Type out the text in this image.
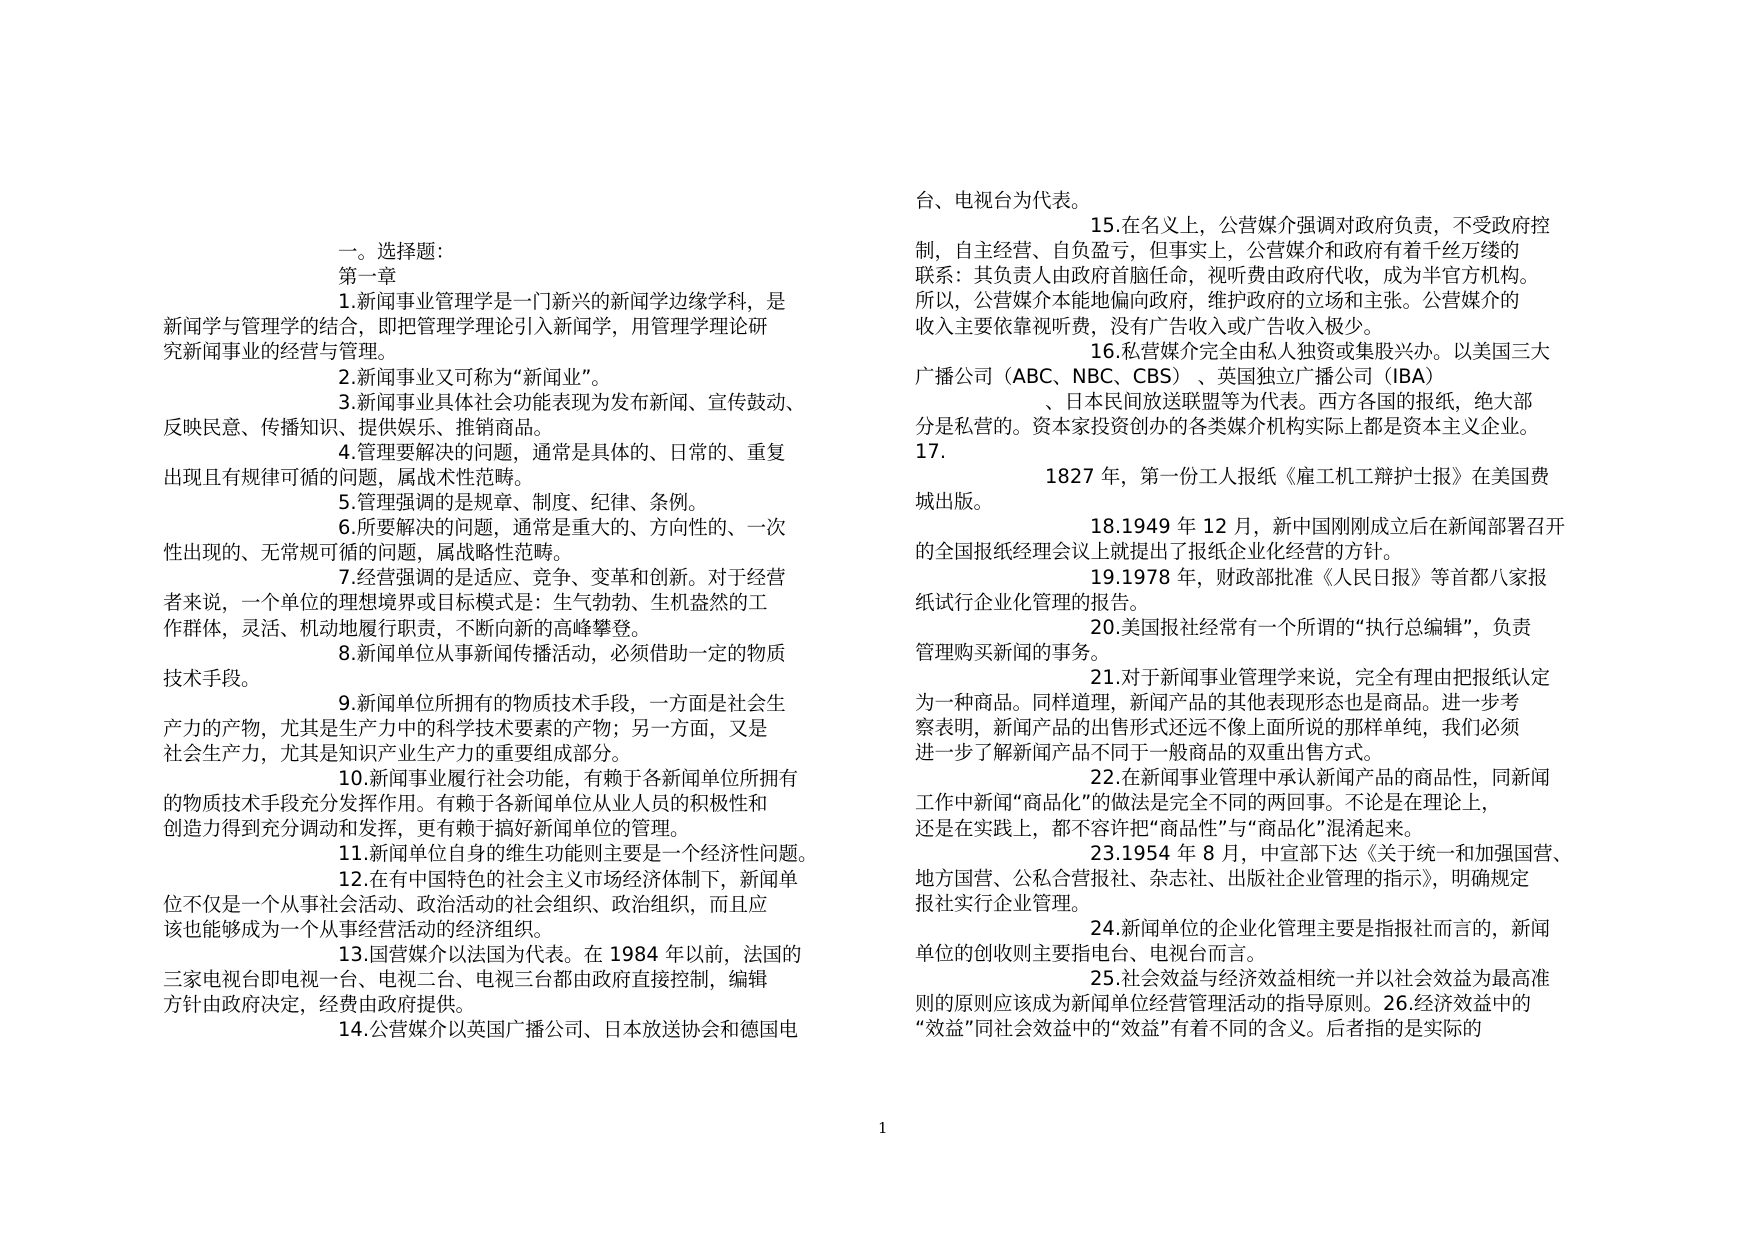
一。选择题：
第一章
1.新闻事业管理学是一门新兴的新闻学边缘学科，是
新闻学与管理学的结合，即把管理学理论引入新闻学，用管理学理论研
究新闻事业的经营与管理。
2.新闻事业又可称为“新闻业”。
3.新闻事业具体社会功能表现为发布新闻、宣传鼓动、
反映民意、传播知识、提供娱乐、推销商品。
4.管理要解决的问题，通常是具体的、日常的、重复
出现且有规律可循的问题，属战术性范畴。
5.管理强调的是规章、制度、纪律、条例。
6.所要解决的问题，通常是重大的、方向性的、一次
性出现的、无常规可循的问题，属战略性范畴。
7.经营强调的是适应、竞争、变革和创新。对于经营
者来说，一个单位的理想境界或目标模式是：生气勃勃、生机盎然的工
作群体，灵活、机动地履行职责，不断向新的高峰攀登。
8.新闻单位从事新闻传播活动，必须借助一定的物质
技术手段。
9.新闻单位所拥有的物质技术手段，一方面是社会生
产力的产物，尤其是生产力中的科学技术要素的产物；另一方面，又是
社会生产力，尤其是知识产业生产力的重要组成部分。
10.新闻事业履行社会功能，有赖于各新闻单位所拥有
的物质技术手段充分发挥作用。有赖于各新闻单位从业人员的积极性和
创造力得到充分调动和发挥，更有赖于搞好新闻单位的管理。
11.新闻单位自身的维生功能则主要是一个经济性问题。
12.在有中国特色的社会主义市场经济体制下，新闻单
位不仅是一个从事社会活动、政治活动的社会组织、政治组织，而且应
该也能够成为一个从事经营活动的经济组织。
13.国营媒介以法国为代表。在 1984 年以前，法国的
三家电视台即电视一台、电视二台、电视三台都由政府直接控制，编辑
方针由政府决定，经费由政府提供。
14.公营媒介以英国广播公司、日本放送协会和德国电
台、电视台为代表。
15.在名义上，公营媒介强调对政府负责，不受政府控
制，自主经营、自负盈亏，但事实上，公营媒介和政府有着千丝万缕的
联系：其负责人由政府首脑任命，视听费由政府代收，成为半官方机构。
所以，公营媒介本能地偏向政府，维护政府的立场和主张。公营媒介的
收入主要依靠视听费，没有广告收入或广告收入极少。
16.私营媒介完全由私人独资或集股兴办。以美国三大
广播公司（ABC、NBC、CBS） 、英国独立广播公司（IBA）
、日本民间放送联盟等为代表。西方各国的报纸，绝大部
分是私营的。资本家投资创办的各类媒介机构实际上都是资本主义企业。
17.
1827 年，第一份工人报纸《雇工机工辩护士报》在美国费
城出版。
18.1949 年 12 月，新中国刚刚成立后在新闻部署召开
的全国报纸经理会议上就提出了报纸企业化经营的方针。
19.1978 年，财政部批准《人民日报》等首都八家报
纸试行企业化管理的报告。
20.美国报社经常有一个所谓的“执行总编辑”，负责
管理购买新闻的事务。
21.对于新闻事业管理学来说，完全有理由把报纸认定
为一种商品。同样道理，新闻产品的其他表现形态也是商品。进一步考
察表明，新闻产品的出售形式还远不像上面所说的那样单纯，我们必须
进一步了解新闻产品不同于一般商品的双重出售方式。
22.在新闻事业管理中承认新闻产品的商品性，同新闻
工作中新闻“商品化”的做法是完全不同的两回事。不论是在理论上，
还是在实践上，都不容许把“商品性”与“商品化”混淆起来。
23.1954 年 8 月，中宣部下达《关于统一和加强国营、
地方国营、公私合营报社、杂志社、出版社企业管理的指示》，明确规定
报社实行企业管理。
24.新闻单位的企业化管理主要是指报社而言的，新闻
单位的创收则主要指电台、电视台而言。
25.社会效益与经济效益相统一并以社会效益为最高准
则的原则应该成为新闻单位经营管理活动的指导原则。26.经济效益中的
“效益”同社会效益中的“效益”有着不同的含义。后者指的是实际的
1
